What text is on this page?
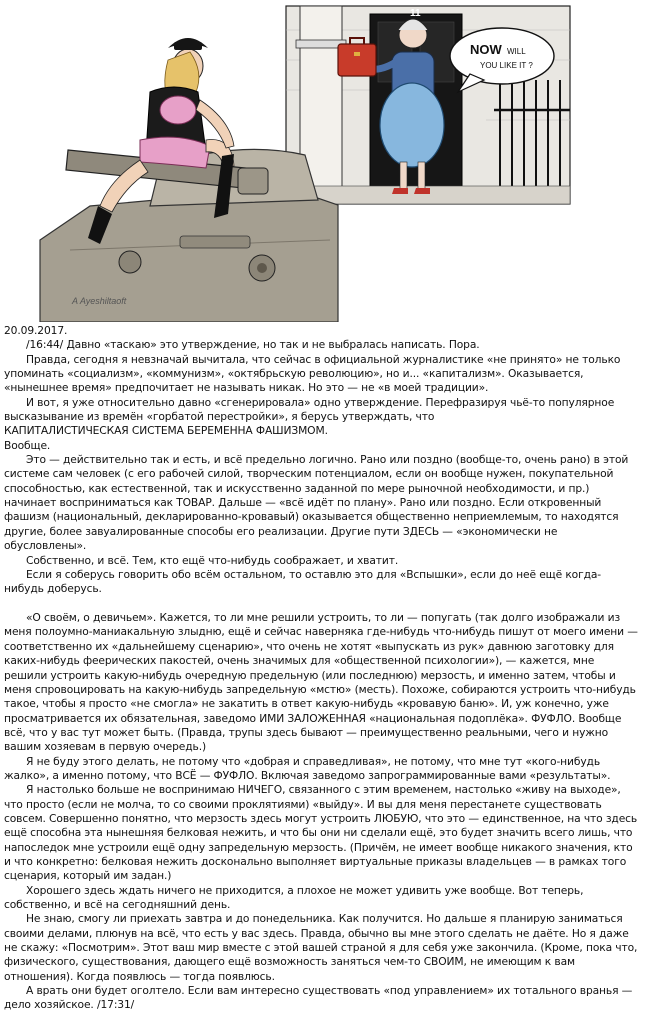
11
NOW WILL
YOU LIKE IT ?
A Ayeshiltaoft

20.09.2017.

/16:44/ Давно «таскаю» это утверждение, но так и не выбралась написать. Пора.

Правда, сегодня я невзначай вычитала, что сейчас в официальной журналистике «не принято» не только упоминать «социализм», «коммунизм», «октябрьскую революцию», но и... «капитализм». Оказывается, «нынешнее время» предпочитает не называть никак. Но это — не «в моей традиции».

И вот, я уже относительно давно «сгенерировала» одно утверждение. Перефразируя чьё-то популярное высказывание из времён «горбатой перестройки», я берусь утверждать, что

КАПИТАЛИСТИЧЕСКАЯ СИСТЕМА БЕРЕМЕННА ФАШИЗМОМ.

Вообще.

Это — действительно так и есть, и всё предельно логично. Рано или поздно (вообще-то, очень рано) в этой системе сам человек (с его рабочей силой, творческим потенциалом, если он вообще нужен, покупательной способностью, как естественной, так и искусственно заданной по мере рыночной необходимости, и пр.) начинает восприниматься как ТОВАР. Дальше — «всё идёт по плану». Рано или поздно. Если откровенный фашизм (национальный, декларированно-кровавый) оказывается общественно неприемлемым, то находятся другие, более завуалированные способы его реализации. Другие пути ЗДЕСЬ — «экономически не обусловлены».

Собственно, и всё. Тем, кто ещё что-нибудь соображает, и хватит.

Если я соберусь говорить обо всём остальном, то оставлю это для «Вспышки», если до неё ещё когда-нибудь доберусь.

«О своём, о девичьем». Кажется, то ли мне решили устроить, то ли — попугать (так долго изображали из меня полоумно-маниакальную злыдню, ещё и сейчас наверняка где-нибудь что-нибудь пишут от моего имени — соответственно их «дальнейшему сценарию», что очень не хотят «выпускать из рук» давнюю заготовку для каких-нибудь феерических пакостей, очень значимых для «общественной психологии»), — кажется, мне решили устроить какую-нибудь очередную предельную (или последнюю) мерзость, и именно затем, чтобы и меня спровоцировать на какую-нибудь запредельную «мстю» (месть). Похоже, собираются устроить что-нибудь такое, чтобы я просто «не смогла» не закатить в ответ какую-нибудь «кровавую баню». И, уж конечно, уже просматривается их обязательная, заведомо ИМИ ЗАЛОЖЕННАЯ «национальная подоплёка». ФУФЛО. Вообще всё, что у вас тут может быть. (Правда, трупы здесь бывают — преимущественно реальными, чего и нужно вашим хозяевам в первую очередь.)

Я не буду этого делать, не потому что «добрая и справедливая», не потому, что мне тут «кого-нибудь жалко», а именно потому, что ВСЁ — ФУФЛО. Включая заведомо запрограммированные вами «результаты».

Я настолько больше не воспринимаю НИЧЕГО, связанного с этим временем, настолько «живу на выходе», что просто (если не молча, то со своими проклятиями) «выйду». И вы для меня перестанете существовать совсем. Совершенно понятно, что мерзость здесь могут устроить ЛЮБУЮ, что это — единственное, на что здесь ещё способна эта нынешняя белковая нежить, и что бы они ни сделали ещё, это будет значить всего лишь, что напоследок мне устроили ещё одну запредельную мерзость. (Причём, не имеет вообще никакого значения, кто и что конкретно: белковая нежить досконально выполняет виртуальные приказы владельцев — в рамках того сценария, который им задан.)

Хорошего здесь ждать ничего не приходится, а плохое не может удивить уже вообще. Вот теперь, собственно, и всё на сегодняшний день.

Не знаю, смогу ли приехать завтра и до понедельника. Как получится. Но дальше я планирую заниматься своими делами, плюнув на всё, что есть у вас здесь. Правда, обычно вы мне этого сделать не даёте. Но я даже не скажу: «Посмотрим». Этот ваш мир вместе с этой вашей страной я для себя уже закончила. (Кроме, пока что, физического, существования, дающего ещё возможность заняться чем-то СВОИМ, не имеющим к вам отношения). Когда появлюсь — тогда появлюсь.

А врать они будет оголтело. Если вам интересно существовать «под управлением» их тотального вранья — дело хозяйское. /17:31/
